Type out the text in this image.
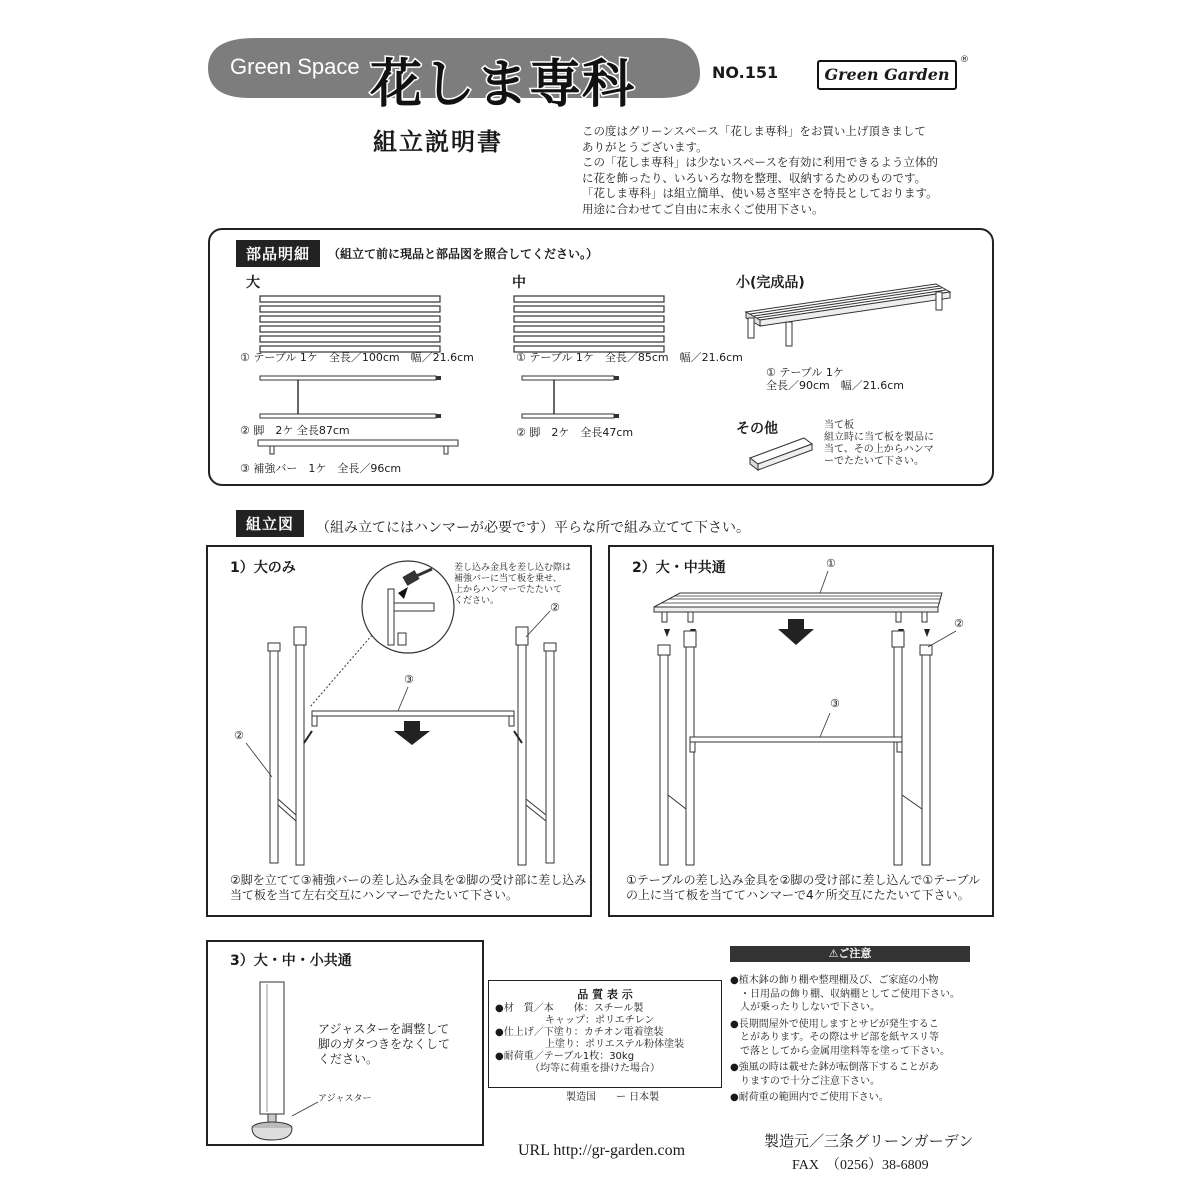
Green Space 花しま専科	NO.151	Green Garden
®
組立説明書	この度はグリーンスペース「花しま専科」をお買い上げ頂きまして
ありがとうございます。
この「花しま専科」は少ないスペースを有効に利用できるよう立体的
に花を飾ったり、いろいろな物を整理、収納するためのものです。
「花しま専科」は組立簡単、使い易さ堅牢さを特長としております。
用途に合わせてご自由に末永くご使用下さい。
部品明細	（組立て前に現品と部品図を照合してください。）
大	中	小(完成品)
① テーブル 1ケ　全長／100cm　幅／21.6cm
② 脚　2ケ 全長87cm
③ 補強バー　1ケ　全長／96cm
① テーブル 1ケ　全長／85cm　幅／21.6cm
② 脚　2ケ　全長47cm
① テーブル 1ケ
全長／90cm　幅／21.6cm
その他	当て板
組立時に当て板を製品に
当て、その上からハンマ
ーでたたいて下さい。
組立図	（組み立てにはハンマーが必要です）平らな所で組み立てて下さい。
1）大のみ	差し込み金具を差し込む際は
補強バーに当て板を乗せ、
上からハンマーでたたいて
ください。
②
③
②
②脚を立てて③補強バーの差し込み金具を②脚の受け部に差し込み
当て板を当て左右交互にハンマーでたたいて下さい。
2）大・中共通	①
②
③
①テーブルの差し込み金具を②脚の受け部に差し込んで①テーブル
の上に当て板を当ててハンマーで4ケ所交互にたたいて下さい。
3）大・中・小共通
アジャスターを調整して
脚のガタつきをなくして
ください。
アジャスター
品 質 表 示
●材　質／本　　体：スチール製
　　　　　キャップ：ポリエチレン
●仕上げ／下塗り：カチオン電着塗装
　　　　　上塗り：ポリエステル粉体塗装
●耐荷重／テーブル1枚：30kg
　　　　（均等に荷重を掛けた場合）
製造国　　ー 日本製
⚠ご注意
●植木鉢の飾り棚や整理棚及び、ご家庭の小物
　・日用品の飾り棚、収納棚としてご使用下さい。
　人が乗ったりしないで下さい。
●長期間屋外で使用しますとサビが発生するこ
　とがあります。その際はサビ部を紙ヤスリ等
　で落としてから金属用塗料等を塗って下さい。
●強風の時は載せた鉢が転倒落下することがあ
　りますので十分ご注意下さい。
●耐荷重の範囲内でご使用下さい。
URL http://gr-garden.com
製造元／三条グリーンガーデン
FAX　（0256）38-6809
